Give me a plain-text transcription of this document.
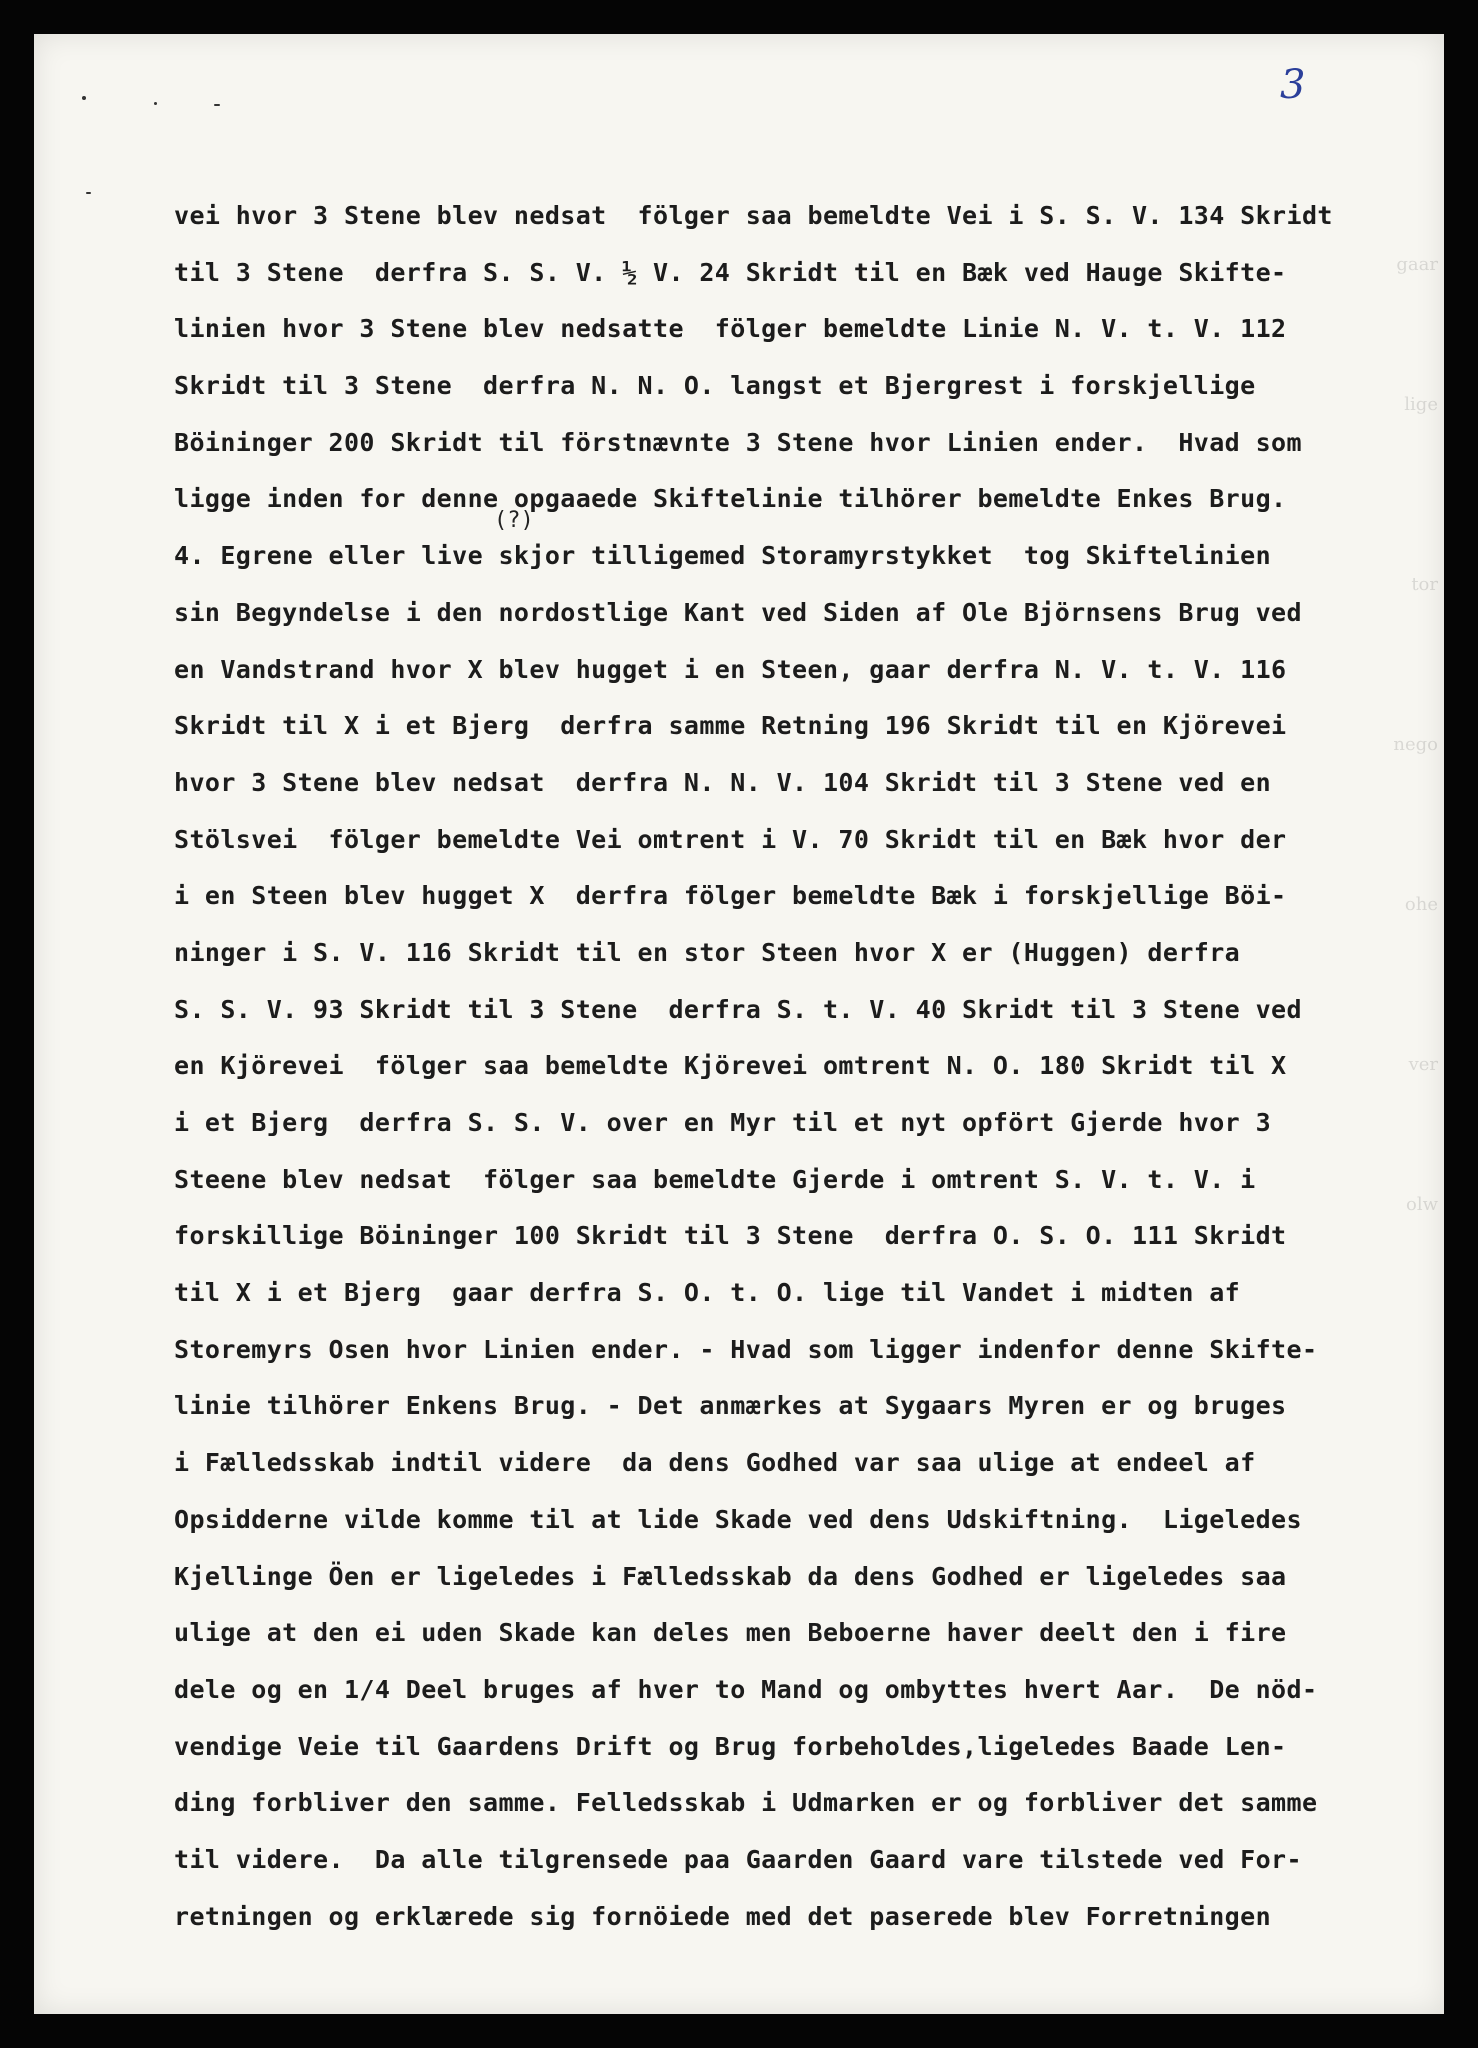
gaar
lige
tor
nego
ohe
ver
olw
3
(?)
vei hvor 3 Stene blev nedsat  fölger saa bemeldte Vei i S. S. V. 134 Skridt
til 3 Stene  derfra S. S. V. ½ V. 24 Skridt til en Bæk ved Hauge Skifte-
linien hvor 3 Stene blev nedsatte  fölger bemeldte Linie N. V. t. V. 112
Skridt til 3 Stene  derfra N. N. O. langst et Bjergrest i forskjellige
Böininger 200 Skridt til förstnævnte 3 Stene hvor Linien ender.  Hvad som
ligge inden for denne opgaaede Skiftelinie tilhörer bemeldte Enkes Brug.
4. Egrene eller live skjor tilligemed Storamyrstykket  tog Skiftelinien
sin Begyndelse i den nordostlige Kant ved Siden af Ole Björnsens Brug ved
en Vandstrand hvor X blev hugget i en Steen, gaar derfra N. V. t. V. 116
Skridt til X i et Bjerg  derfra samme Retning 196 Skridt til en Kjörevei
hvor 3 Stene blev nedsat  derfra N. N. V. 104 Skridt til 3 Stene ved en
Stölsvei  fölger bemeldte Vei omtrent i V. 70 Skridt til en Bæk hvor der
i en Steen blev hugget X  derfra fölger bemeldte Bæk i forskjellige Böi-
ninger i S. V. 116 Skridt til en stor Steen hvor X er (Huggen) derfra
S. S. V. 93 Skridt til 3 Stene  derfra S. t. V. 40 Skridt til 3 Stene ved
en Kjörevei  fölger saa bemeldte Kjörevei omtrent N. O. 180 Skridt til X
i et Bjerg  derfra S. S. V. over en Myr til et nyt opfört Gjerde hvor 3
Steene blev nedsat  fölger saa bemeldte Gjerde i omtrent S. V. t. V. i
forskillige Böininger 100 Skridt til 3 Stene  derfra O. S. O. 111 Skridt
til X i et Bjerg  gaar derfra S. O. t. O. lige til Vandet i midten af
Storemyrs Osen hvor Linien ender. - Hvad som ligger indenfor denne Skifte-
linie tilhörer Enkens Brug. - Det anmærkes at Sygaars Myren er og bruges
i Fælledsskab indtil videre  da dens Godhed var saa ulige at endeel af
Opsidderne vilde komme til at lide Skade ved dens Udskiftning.  Ligeledes
Kjellinge Öen er ligeledes i Fælledsskab da dens Godhed er ligeledes saa
ulige at den ei uden Skade kan deles men Beboerne haver deelt den i fire
dele og en 1/4 Deel bruges af hver to Mand og ombyttes hvert Aar.  De nöd-
vendige Veie til Gaardens Drift og Brug forbeholdes,ligeledes Baade Len-
ding forbliver den samme. Felledsskab i Udmarken er og forbliver det samme
til videre.  Da alle tilgrensede paa Gaarden Gaard vare tilstede ved For-
retningen og erklærede sig fornöiede med det paserede blev Forretningen
